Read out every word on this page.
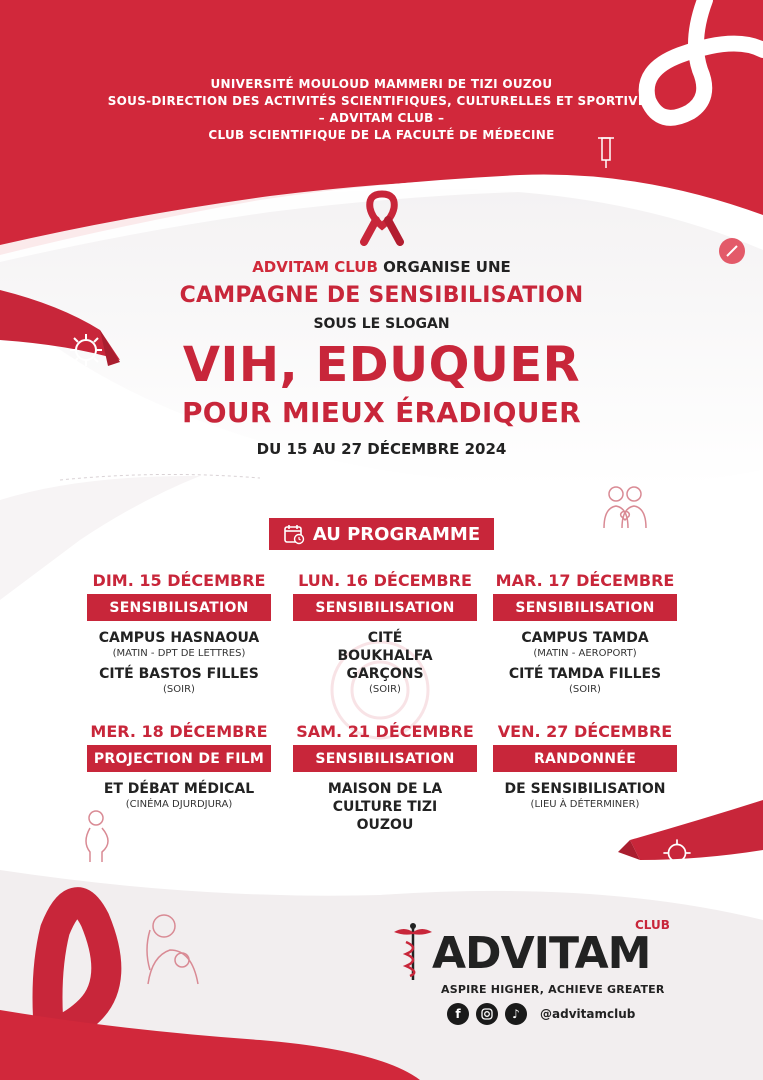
UNIVERSITÉ MOULOUD MAMMERI DE TIZI OUZOU
SOUS-DIRECTION DES ACTIVITÉS SCIENTIFIQUES, CULTURELLES ET SPORTIVES
– ADVITAM CLUB –
CLUB SCIENTIFIQUE DE LA FACULTÉ DE MÉDECINE
ADVITAM CLUB ORGANISE UNE
CAMPAGNE DE SENSIBILISATION
SOUS LE SLOGAN
VIH, EDUQUER
POUR MIEUX ÉRADIQUER
DU 15 AU 27 DÉCEMBRE 2024
AU PROGRAMME
DIM. 15 DÉCEMBRE
SENSIBILISATION
CAMPUS HASNAOUA
(MATIN - DPT DE LETTRES)
CITÉ BASTOS FILLES
(SOIR)
LUN. 16 DÉCEMBRE
SENSIBILISATION
CITÉ BOUKHALFA GARÇONS
(SOIR)
MAR. 17 DÉCEMBRE
SENSIBILISATION
CAMPUS TAMDA
(MATIN - AEROPORT)
CITÉ TAMDA FILLES
(SOIR)
MER. 18 DÉCEMBRE
PROJECTION DE FILM
ET DÉBAT MÉDICAL
(CINÉMA DJURDJURA)
SAM. 21 DÉCEMBRE
SENSIBILISATION
MAISON DE LA CULTURE TIZI OUZOU
VEN. 27 DÉCEMBRE
RANDONNÉE
DE SENSIBILISATION
(LIEU À DÉTERMINER)
CLUB
ADVITAM
ASPIRE HIGHER, ACHIEVE GREATER
f	♪	@advitamclub
